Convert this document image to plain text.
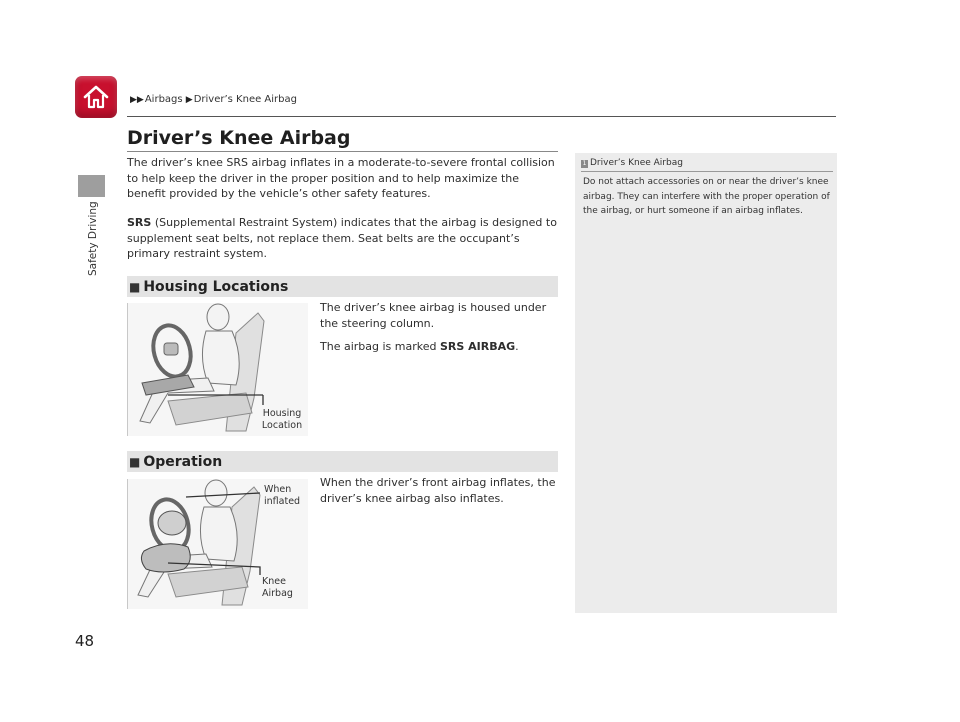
Safety Driving
▶▶Airbags ▶Driver’s Knee Airbag
Driver’s Knee Airbag
The driver’s knee SRS airbag inflates in a moderate-to-severe frontal collision to help keep the driver in the proper position and to help maximize the benefit provided by the vehicle’s other safety features.
SRS (Supplemental Restraint System) indicates that the airbag is designed to supplement seat belts, not replace them. Seat belts are the occupant’s primary restraint system.
■ Housing Locations
Housing
Location
The driver’s knee airbag is housed under the steering column.
The airbag is marked SRS AIRBAG.
■ Operation
When
inflated
Knee
Airbag
When the driver’s front airbag inflates, the driver’s knee airbag also inflates.
1 Driver’s Knee Airbag
Do not attach accessories on or near the driver’s knee airbag. They can interfere with the proper operation of the airbag, or hurt someone if an airbag inflates.
48
